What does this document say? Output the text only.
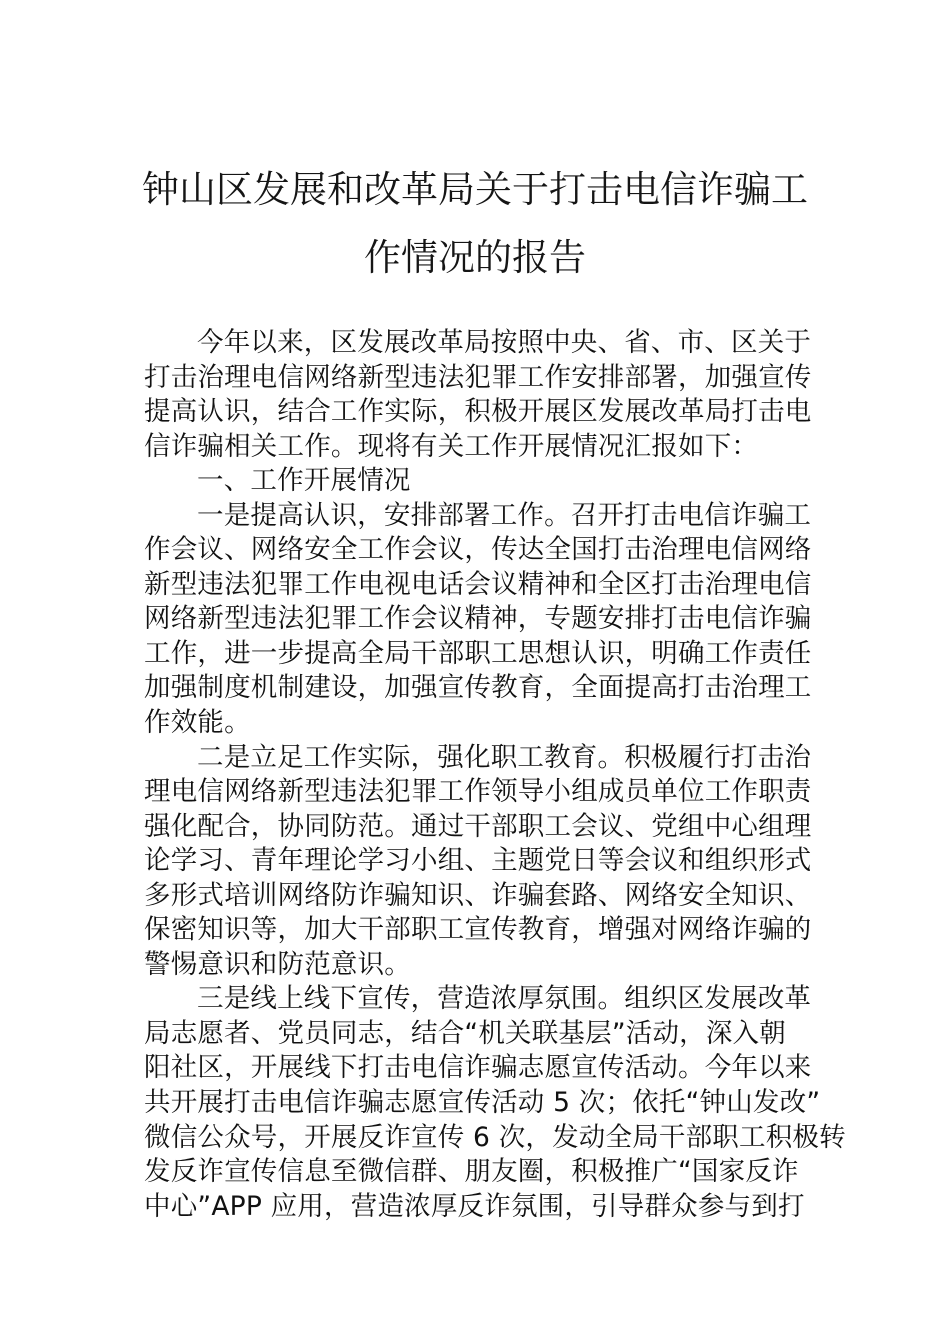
钟山区发展和改革局关于打击电信诈骗工
作情况的报告
今年以来，区发展改革局按照中央、省、市、区关于
打击治理电信网络新型违法犯罪工作安排部署，加强宣传
提高认识，结合工作实际，积极开展区发展改革局打击电
信诈骗相关工作。现将有关工作开展情况汇报如下：
一、工作开展情况
一是提高认识，安排部署工作。召开打击电信诈骗工
作会议、网络安全工作会议，传达全国打击治理电信网络
新型违法犯罪工作电视电话会议精神和全区打击治理电信
网络新型违法犯罪工作会议精神，专题安排打击电信诈骗
工作，进一步提高全局干部职工思想认识，明确工作责任
加强制度机制建设，加强宣传教育，全面提高打击治理工
作效能。
二是立足工作实际，强化职工教育。积极履行打击治
理电信网络新型违法犯罪工作领导小组成员单位工作职责
强化配合，协同防范。通过干部职工会议、党组中心组理
论学习、青年理论学习小组、主题党日等会议和组织形式
多形式培训网络防诈骗知识、诈骗套路、网络安全知识、
保密知识等，加大干部职工宣传教育，增强对网络诈骗的
警惕意识和防范意识。
三是线上线下宣传，营造浓厚氛围。组织区发展改革
局志愿者、党员同志，结合“机关联基层”活动，深入朝
阳社区，开展线下打击电信诈骗志愿宣传活动。今年以来
共开展打击电信诈骗志愿宣传活动 5 次；依托“钟山发改”
微信公众号，开展反诈宣传 6 次，发动全局干部职工积极转
发反诈宣传信息至微信群、朋友圈，积极推广“国家反诈
中心”APP 应用，营造浓厚反诈氛围，引导群众参与到打
